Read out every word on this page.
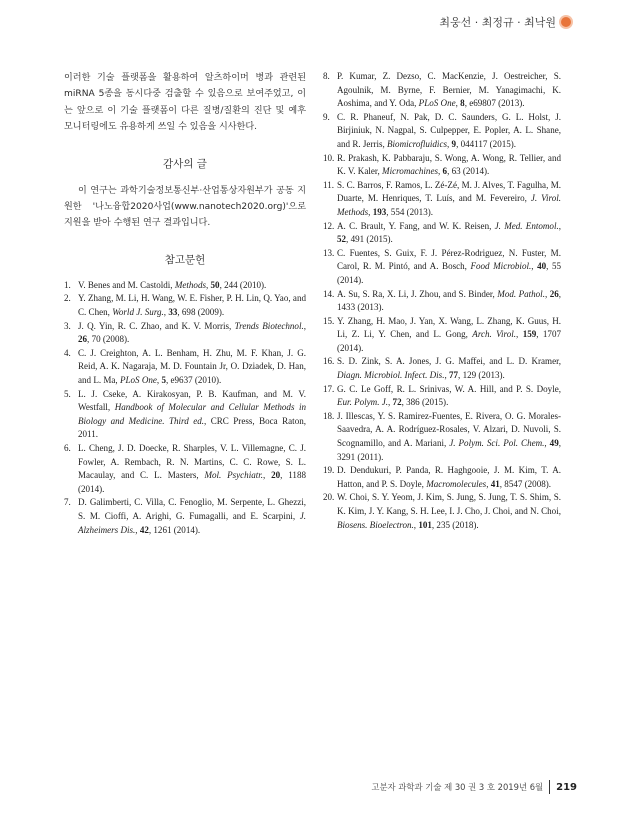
최웅선 · 최정규 · 최낙원

이러한 기술 플랫폼을 활용하여 알츠하이머 병과 관련된 miRNA 5종을 동시다중 검출할 수 있음으로 보여주었고, 이는 앞으로 이 기술 플랫폼이 다른 질병/질환의 진단 및 예후 모니터링에도 유용하게 쓰일 수 있음을 시사한다.

감사의 글

이 연구는 과학기술정보통신부·산업통상자원부가 공동 지원한 '나노융합2020사업(www.nanotech2020.org)'으로 지원을 받아 수행된 연구 결과입니다.

참고문헌
1. V. Benes and M. Castoldi, Methods, 50, 244 (2010).
2. Y. Zhang, M. Li, H. Wang, W. E. Fisher, P. H. Lin, Q. Yao, and C. Chen, World J. Surg., 33, 698 (2009).
3. J. Q. Yin, R. C. Zhao, and K. V. Morris, Trends Biotechnol., 26, 70 (2008).
4. C. J. Creighton, A. L. Benham, H. Zhu, M. F. Khan, J. G. Reid, A. K. Nagaraja, M. D. Fountain Jr, O. Dziadek, D. Han, and L. Ma, PLoS One, 5, e9637 (2010).
5. L. J. Cseke, A. Kirakosyan, P. B. Kaufman, and M. V. Westfall, Handbook of Molecular and Cellular Methods in Biology and Medicine. Third ed., CRC Press, Boca Raton, 2011.
6. L. Cheng, J. D. Doecke, R. Sharples, V. L. Villemagne, C. J. Fowler, A. Rembach, R. N. Martins, C. C. Rowe, S. L. Macaulay, and C. L. Masters, Mol. Psychiatr., 20, 1188 (2014).
7. D. Galimberti, C. Villa, C. Fenoglio, M. Serpente, L. Ghezzi, S. M. Cioffi, A. Arighi, G. Fumagalli, and E. Scarpini, J. Alzheimers Dis., 42, 1261 (2014).
8. P. Kumar, Z. Dezso, C. MacKenzie, J. Oestreicher, S. Agoulnik, M. Byrne, F. Bernier, M. Yanagimachi, K. Aoshima, and Y. Oda, PLoS One, 8, e69807 (2013).
9. C. R. Phaneuf, N. Pak, D. C. Saunders, G. L. Holst, J. Birjiniuk, N. Nagpal, S. Culpepper, E. Popler, A. L. Shane, and R. Jerris, Biomicrofluidics, 9, 044117 (2015).
10. R. Prakash, K. Pabbaraju, S. Wong, A. Wong, R. Tellier, and K. V. Kaler, Micromachines, 6, 63 (2014).
11. S. C. Barros, F. Ramos, L. Zé-Zé, M. J. Alves, T. Fagulha, M. Duarte, M. Henriques, T. Luís, and M. Fevereiro, J. Virol. Methods, 193, 554 (2013).
12. A. C. Brault, Y. Fang, and W. K. Reisen, J. Med. Entomol., 52, 491 (2015).
13. C. Fuentes, S. Guix, F. J. Pérez-Rodriguez, N. Fuster, M. Carol, R. M. Pintó, and A. Bosch, Food Microbiol., 40, 55 (2014).
14. A. Su, S. Ra, X. Li, J. Zhou, and S. Binder, Mod. Pathol., 26, 1433 (2013).
15. Y. Zhang, H. Mao, J. Yan, X. Wang, L. Zhang, K. Guus, H. Li, Z. Li, Y. Chen, and L. Gong, Arch. Virol., 159, 1707 (2014).
16. S. D. Zink, S. A. Jones, J. G. Maffei, and L. D. Kramer, Diagn. Microbiol. Infect. Dis., 77, 129 (2013).
17. G. C. Le Goff, R. L. Srinivas, W. A. Hill, and P. S. Doyle, Eur. Polym. J., 72, 386 (2015).
18. J. Illescas, Y. S. Ramirez-Fuentes, E. Rivera, O. G. Morales-Saavedra, A. A. Rodríguez-Rosales, V. Alzari, D. Nuvoli, S. Scognamillo, and A. Mariani, J. Polym. Sci. Pol. Chem., 49, 3291 (2011).
19. D. Dendukuri, P. Panda, R. Haghgooie, J. M. Kim, T. A. Hatton, and P. S. Doyle, Macromolecules, 41, 8547 (2008).
20. W. Choi, S. Y. Yeom, J. Kim, S. Jung, S. Jung, T. S. Shim, S. K. Kim, J. Y. Kang, S. H. Lee, I. J. Cho, J. Choi, and N. Choi, Biosens. Bioelectron., 101, 235 (2018).
고분자 과학과 기술 제 30 권 3 호 2019년 6월 219
